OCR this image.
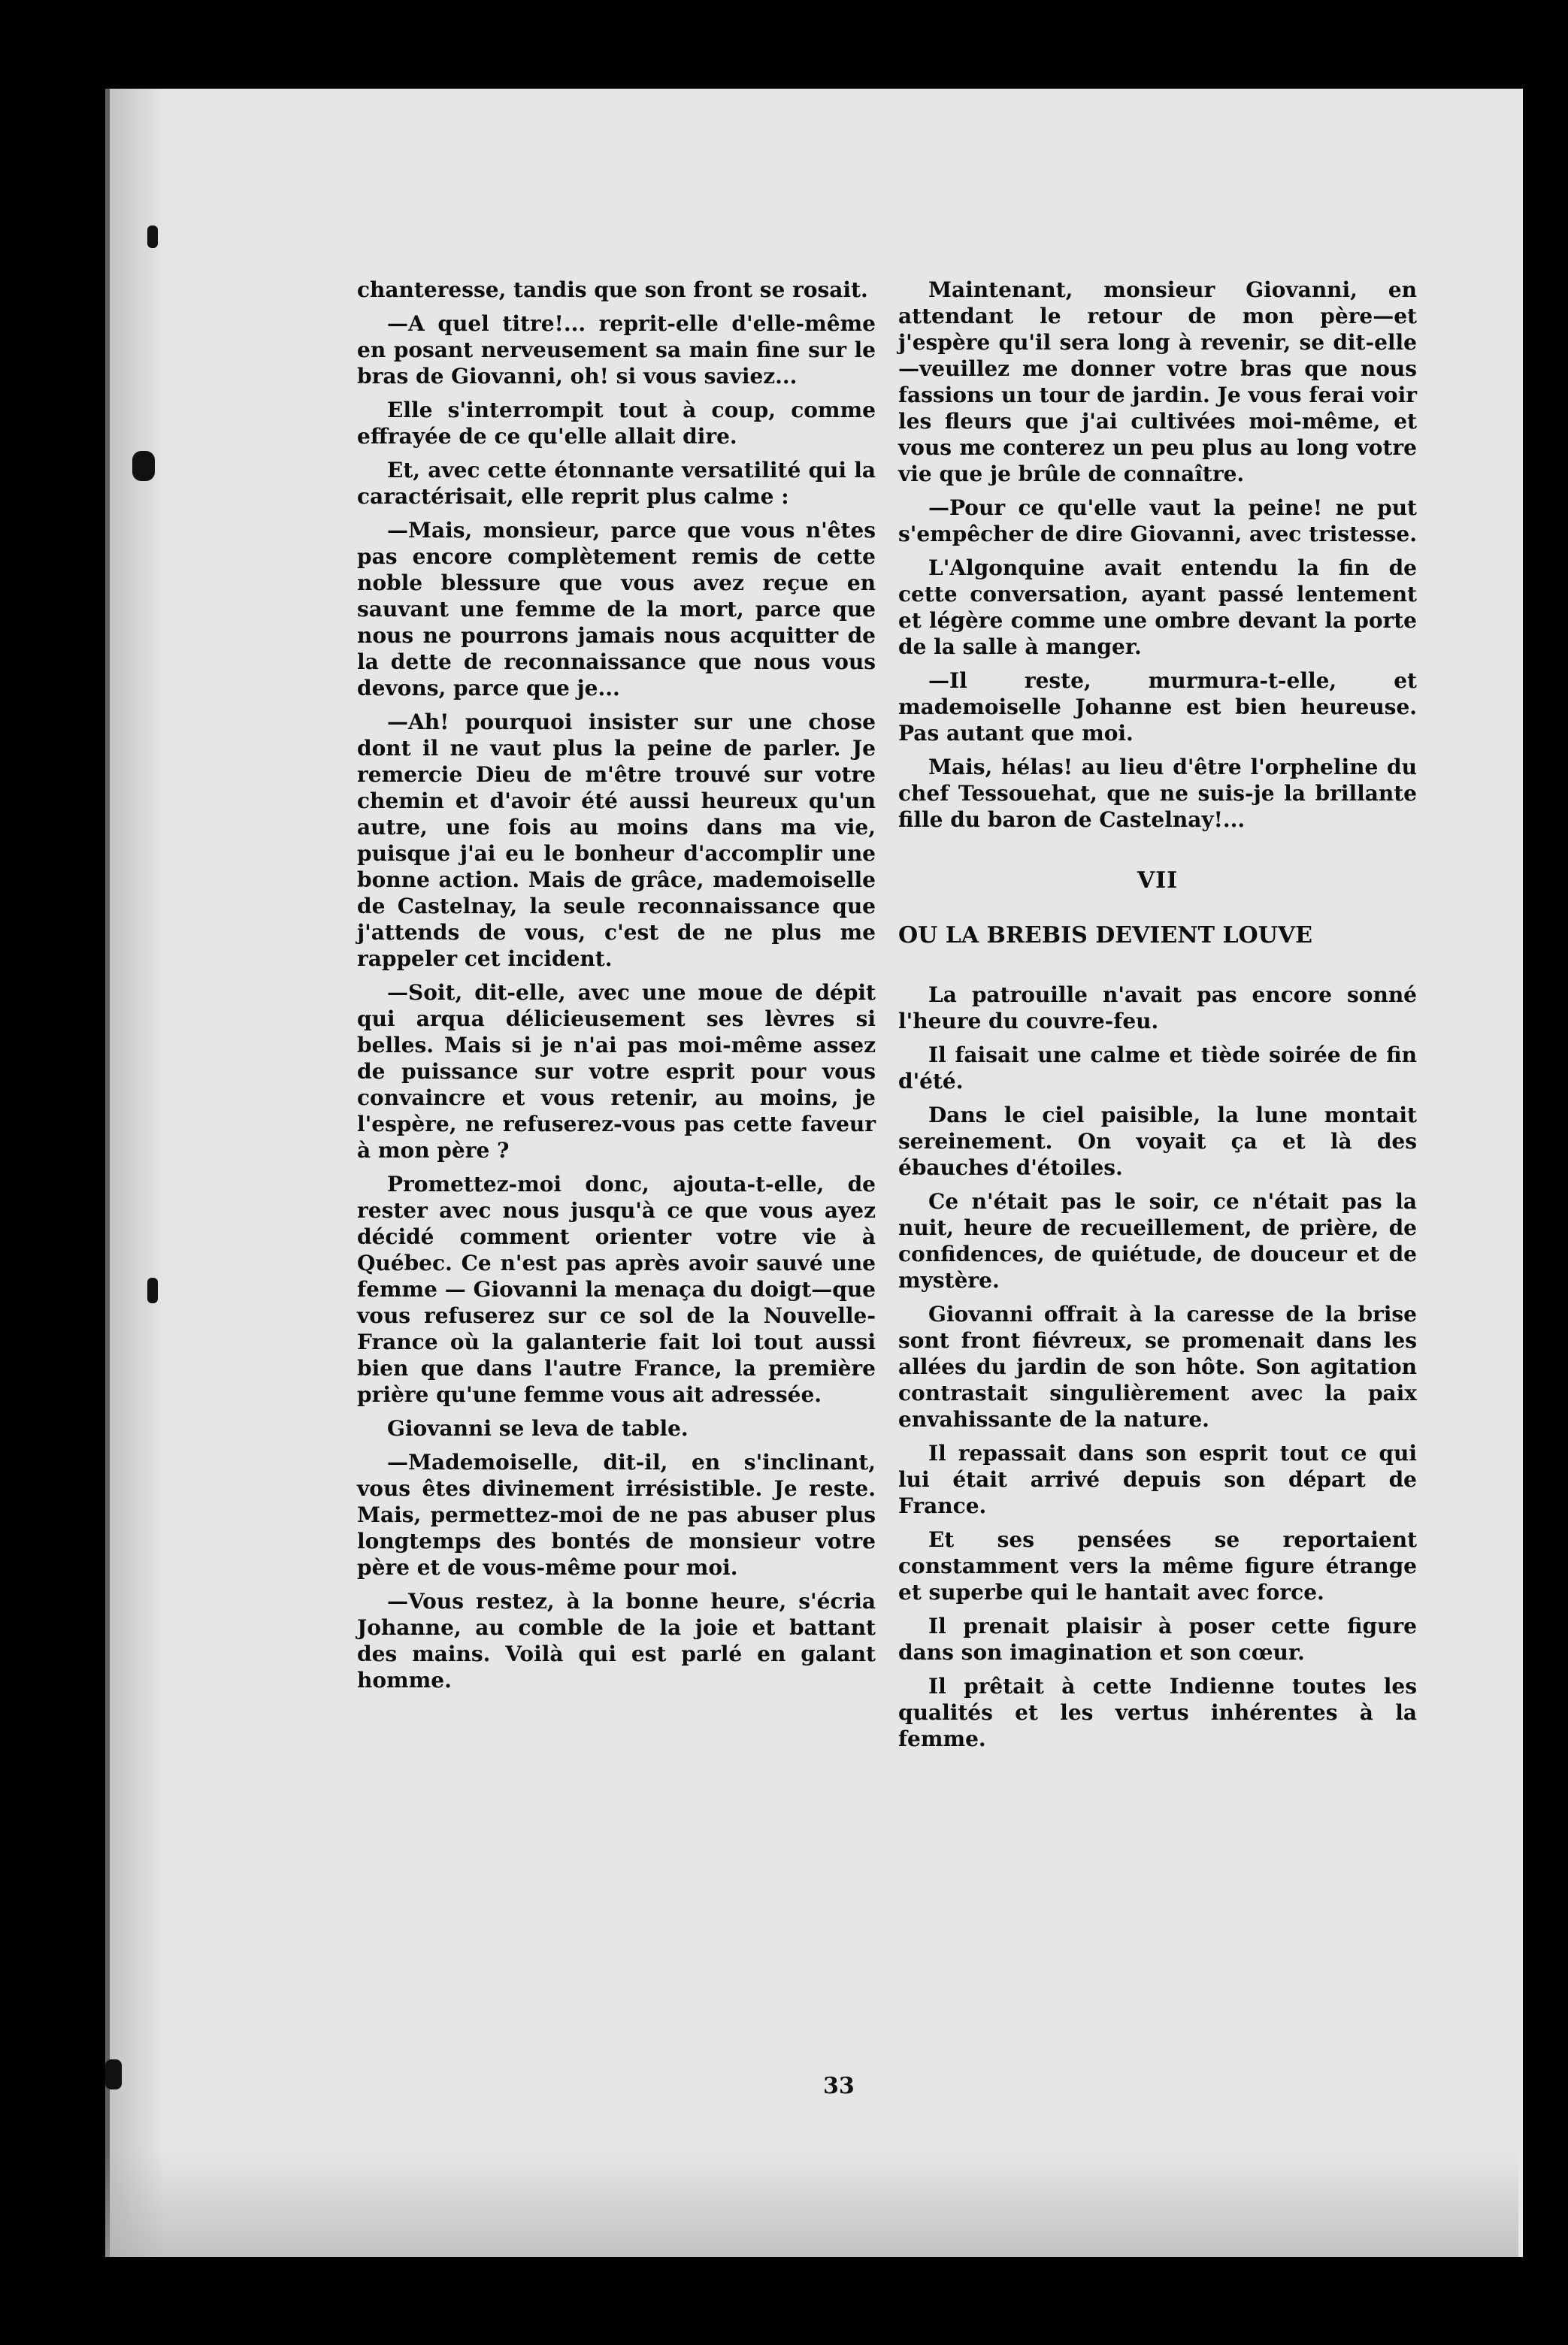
chanteresse, tandis que son front se rosait.

—A quel titre!... reprit-elle d'elle-même en posant nerveusement sa main fine sur le bras de Giovanni, oh! si vous saviez...

Elle s'interrompit tout à coup, comme effrayée de ce qu'elle allait dire.

Et, avec cette étonnante versatilité qui la caractérisait, elle reprit plus calme :

—Mais, monsieur, parce que vous n'êtes pas encore complètement remis de cette noble blessure que vous avez reçue en sauvant une femme de la mort, parce que nous ne pourrons jamais nous acquitter de la dette de reconnaissance que nous vous devons, parce que je...

—Ah! pourquoi insister sur une chose dont il ne vaut plus la peine de parler. Je remercie Dieu de m'être trouvé sur votre chemin et d'avoir été aussi heureux qu'un autre, une fois au moins dans ma vie, puisque j'ai eu le bonheur d'accomplir une bonne action. Mais de grâce, mademoiselle de Castelnay, la seule reconnaissance que j'attends de vous, c'est de ne plus me rappeler cet incident.

—Soit, dit-elle, avec une moue de dépit qui arqua délicieusement ses lèvres si belles. Mais si je n'ai pas moi-même assez de puissance sur votre esprit pour vous convaincre et vous retenir, au moins, je l'espère, ne refuserez-vous pas cette faveur à mon père ?

Promettez-moi donc, ajouta-t-elle, de rester avec nous jusqu'à ce que vous ayez décidé comment orienter votre vie à Québec. Ce n'est pas après avoir sauvé une femme — Giovanni la menaça du doigt—que vous refuserez sur ce sol de la Nouvelle-France où la galanterie fait loi tout aussi bien que dans l'autre France, la première prière qu'une femme vous ait adressée.

Giovanni se leva de table.

—Mademoiselle, dit-il, en s'inclinant, vous êtes divinement irrésistible. Je reste. Mais, permettez-moi de ne pas abuser plus longtemps des bontés de monsieur votre père et de vous-même pour moi.

—Vous restez, à la bonne heure, s'écria Johanne, au comble de la joie et battant des mains. Voilà qui est parlé en galant homme.

Maintenant, monsieur Giovanni, en attendant le retour de mon père—et j'espère qu'il sera long à revenir, se dit-elle—veuillez me donner votre bras que nous fassions un tour de jardin. Je vous ferai voir les fleurs que j'ai cultivées moi-même, et vous me conterez un peu plus au long votre vie que je brûle de connaître.

—Pour ce qu'elle vaut la peine! ne put s'empêcher de dire Giovanni, avec tristesse.

L'Algonquine avait entendu la fin de cette conversation, ayant passé lentement et légère comme une ombre devant la porte de la salle à manger.

—Il reste, murmura-t-elle, et mademoiselle Johanne est bien heureuse. Pas autant que moi.

Mais, hélas! au lieu d'être l'orpheline du chef Tessouehat, que ne suis-je la brillante fille du baron de Castelnay!...

VII
OU LA BREBIS DEVIENT LOUVE

La patrouille n'avait pas encore sonné l'heure du couvre-feu.

Il faisait une calme et tiède soirée de fin d'été.

Dans le ciel paisible, la lune montait sereinement. On voyait ça et là des ébauches d'étoiles.

Ce n'était pas le soir, ce n'était pas la nuit, heure de recueillement, de prière, de confidences, de quiétude, de douceur et de mystère.

Giovanni offrait à la caresse de la brise sont front fiévreux, se promenait dans les allées du jardin de son hôte. Son agitation contrastait singulièrement avec la paix envahissante de la nature.

Il repassait dans son esprit tout ce qui lui était arrivé depuis son départ de France.

Et ses pensées se reportaient constamment vers la même figure étrange et superbe qui le hantait avec force.

Il prenait plaisir à poser cette figure dans son imagination et son cœur.

Il prêtait à cette Indienne toutes les qualités et les vertus inhérentes à la femme.

33
